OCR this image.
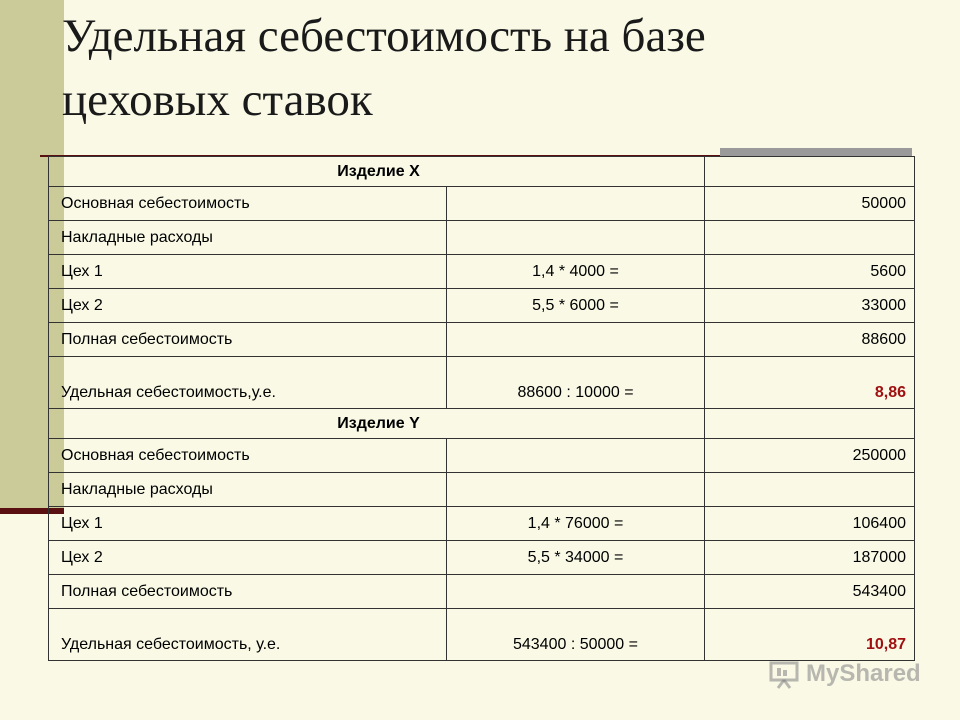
Удельная себестоимость на базе
цеховых ставок
Изделие Х		
Основная себестоимость		50000
Накладные расходы		
Цех 1	1,4 * 4000 =	5600
Цех 2	5,5 * 6000 =	33000
Полная себестоимость		88600
Удельная себестоимость,у.е.	88600 : 10000 =	8,86
Изделие Y		
Основная себестоимость		250000
Накладные расходы		
Цех 1	1,4 * 76000 =	106400
Цех 2	5,5 * 34000 =	187000
Полная себестоимость		543400
Удельная себестоимость, у.е.	543400 : 50000 =	10,87
MyShared
